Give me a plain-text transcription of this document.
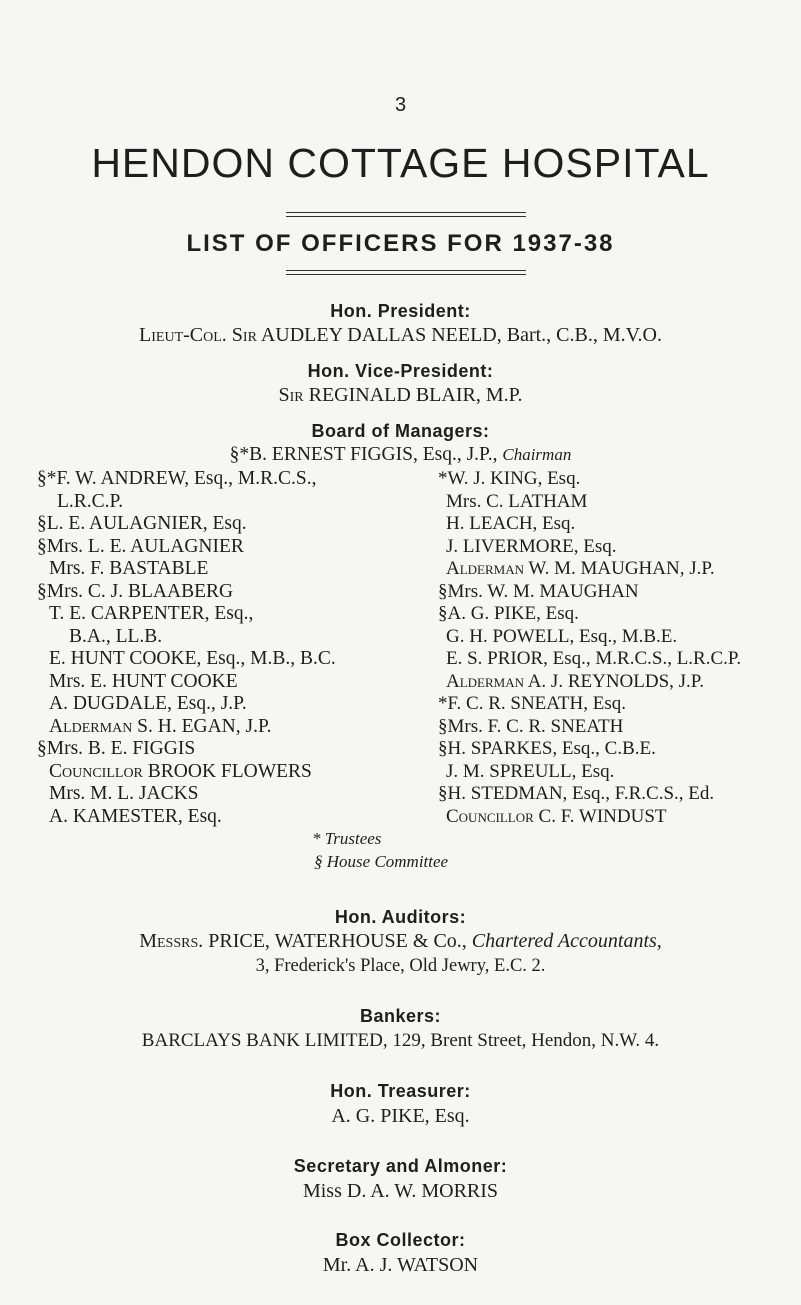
3
HENDON COTTAGE HOSPITAL
LIST OF OFFICERS FOR 1937-38
Hon. President:
Lieut-Col. Sir AUDLEY DALLAS NEELD, Bart., C.B., M.V.O.
Hon. Vice-President:
Sir REGINALD BLAIR, M.P.
Board of Managers:
§*B. ERNEST FIGGIS, Esq., J.P., Chairman
§*F. W. ANDREW, Esq., M.R.C.S.,
L.R.C.P.
§L. E. AULAGNIER, Esq.
§Mrs. L. E. AULAGNIER
Mrs. F. BASTABLE
§Mrs. C. J. BLAABERG
T. E. CARPENTER, Esq.,
B.A., LL.B.
E. HUNT COOKE, Esq., M.B., B.C.
Mrs. E. HUNT COOKE
A. DUGDALE, Esq., J.P.
Alderman S. H. EGAN, J.P.
§Mrs. B. E. FIGGIS
Councillor BROOK FLOWERS
Mrs. M. L. JACKS
A. KAMESTER, Esq.
*W. J. KING, Esq.
Mrs. C. LATHAM
H. LEACH, Esq.
J. LIVERMORE, Esq.
Alderman W. M. MAUGHAN, J.P.
§Mrs. W. M. MAUGHAN
§A. G. PIKE, Esq.
G. H. POWELL, Esq., M.B.E.
E. S. PRIOR, Esq., M.R.C.S., L.R.C.P.
Alderman A. J. REYNOLDS, J.P.
*F. C. R. SNEATH, Esq.
§Mrs. F. C. R. SNEATH
§H. SPARKES, Esq., C.B.E.
J. M. SPREULL, Esq.
§H. STEDMAN, Esq., F.R.C.S., Ed.
Councillor C. F. WINDUST
* Trustees
§ House Committee
Hon. Auditors:
Messrs. PRICE, WATERHOUSE & Co., Chartered Accountants,
3, Frederick's Place, Old Jewry, E.C. 2.
Bankers:
BARCLAYS BANK LIMITED, 129, Brent Street, Hendon, N.W. 4.
Hon. Treasurer:
A. G. PIKE, Esq.
Secretary and Almoner:
Miss D. A. W. MORRIS
Box Collector:
Mr. A. J. WATSON
